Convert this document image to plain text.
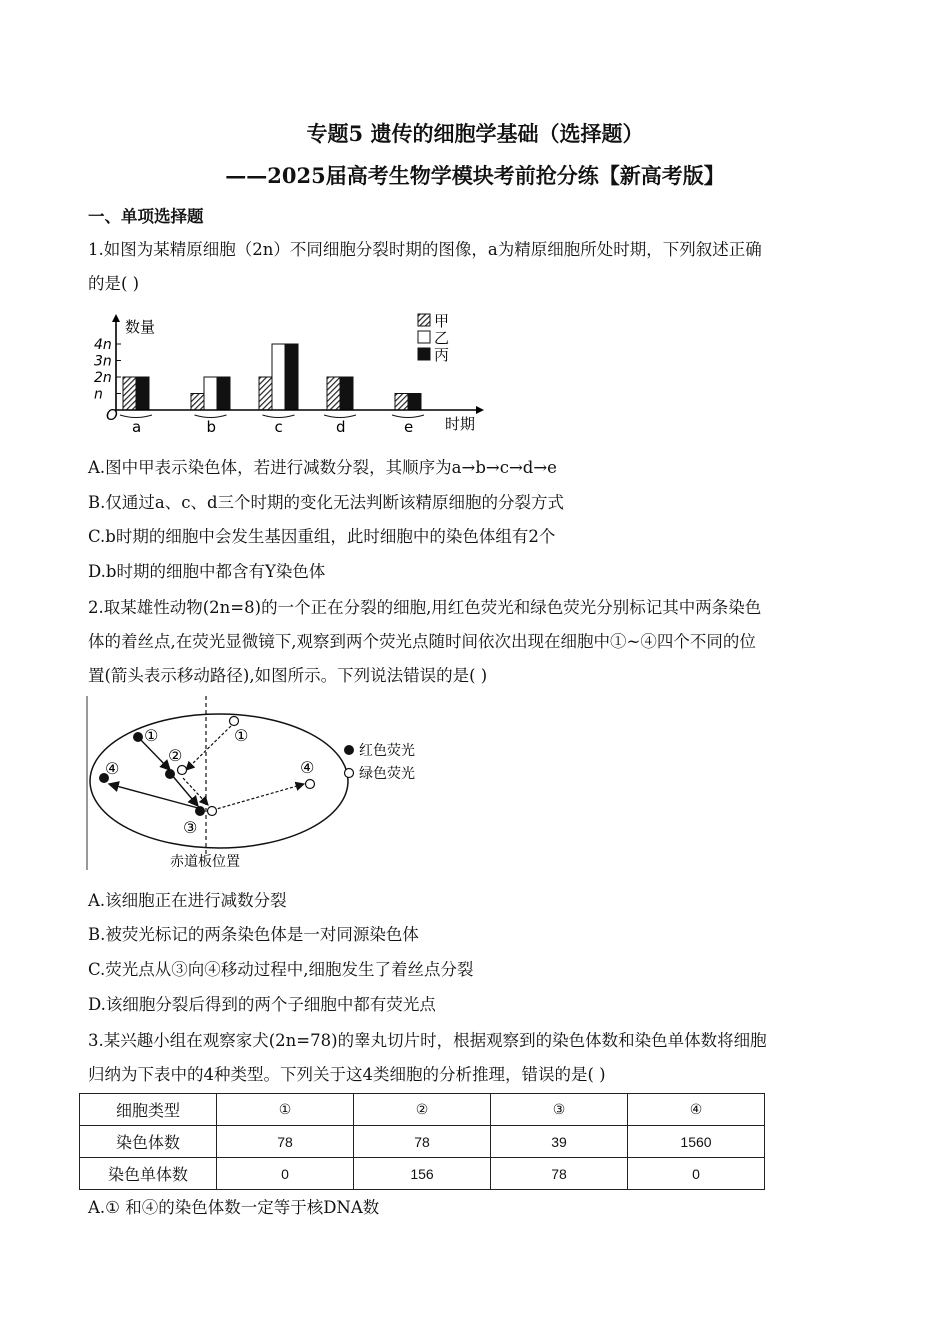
专题5 遗传的细胞学基础（选择题）
——2025届高考生物学模块考前抢分练【新高考版】
一、单项选择题
1.如图为某精原细胞（2n）不同细胞分裂时期的图像，a为精原细胞所处时期，下列叙述正确
的是( )
数量
时期
O
n
2n
3n
4n
a	b	c	d	e
甲
乙
丙
A.图中甲表示染色体，若进行减数分裂，其顺序为a→b→c→d→e
B.仅通过a、c、d三个时期的变化无法判断该精原细胞的分裂方式
C.b时期的细胞中会发生基因重组，此时细胞中的染色体组有2个
D.b时期的细胞中都含有Y染色体
2.取某雄性动物(2n=8)的一个正在分裂的细胞,用红色荧光和绿色荧光分别标记其中两条染色
体的着丝点,在荧光显微镜下,观察到两个荧光点随时间依次出现在细胞中①~④四个不同的位
置(箭头表示移动路径),如图所示。下列说法错误的是( )
①
②
③
④
①
④
红色荧光
绿色荧光
赤道板位置
A.该细胞正在进行减数分裂
B.被荧光标记的两条染色体是一对同源染色体
C.荧光点从③向④移动过程中,细胞发生了着丝点分裂
D.该细胞分裂后得到的两个子细胞中都有荧光点
3.某兴趣小组在观察家犬(2n=78)的睾丸切片时，根据观察到的染色体数和染色单体数将细胞
归纳为下表中的4种类型。下列关于这4类细胞的分析推理，错误的是( )
细胞类型	①	②	③	④
染色体数	78	78	39	1560
染色单体数	0	156	78	0
A.① 和④的染色体数一定等于核DNA数
